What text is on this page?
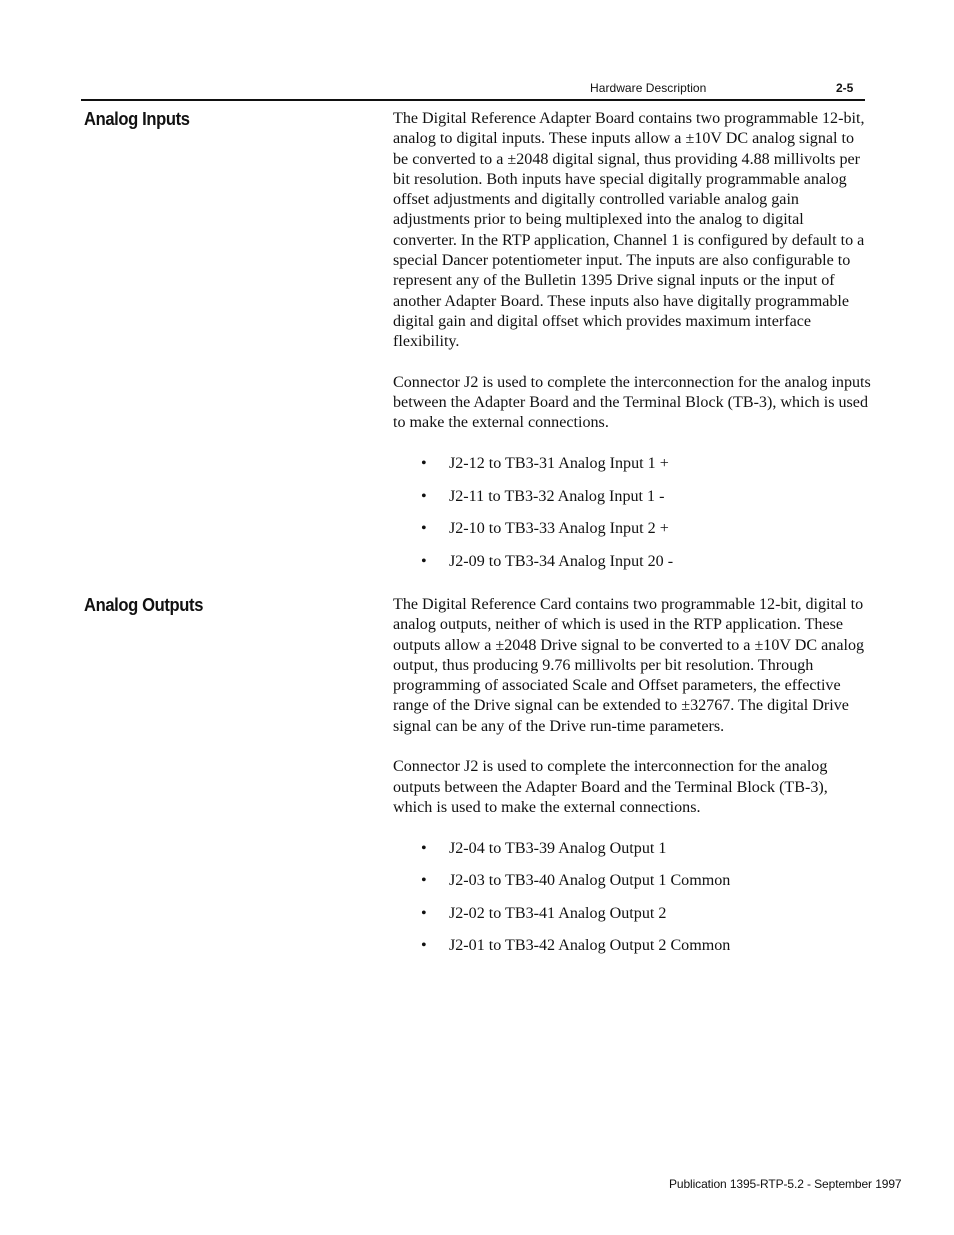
Hardware Description	2-5
Analog Inputs	The Digital Reference Adapter Board contains two programmable 12-bit, analog to digital inputs. These inputs allow a ±10V DC analog signal to be converted to a ±2048 digital signal, thus providing 4.88 millivolts per bit resolution. Both inputs have special digitally programmable analog offset adjustments and digitally controlled variable analog gain adjustments prior to being multiplexed into the analog to digital converter. In the RTP application, Channel 1 is configured by default to a special Dancer potentiometer input. The inputs are also configurable to represent any of the Bulletin 1395 Drive signal inputs or the input of another Adapter Board. These inputs also have digitally programmable digital gain and digital offset which provides maximum interface flexibility.

Connector J2 is used to complete the interconnection for the analog inputs between the Adapter Board and the Terminal Block (TB-3), which is used to make the external connections.

• J2-12 to TB3-31 Analog Input 1 +
• J2-11 to TB3-32 Analog Input 1 -
• J2-10 to TB3-33 Analog Input 2 +
• J2-09 to TB3-34 Analog Input 20 -
Analog Outputs	The Digital Reference Card contains two programmable 12-bit, digital to analog outputs, neither of which is used in the RTP application. These outputs allow a ±2048 Drive signal to be converted to a ±10V DC analog output, thus producing 9.76 millivolts per bit resolution. Through programming of associated Scale and Offset parameters, the effective range of the Drive signal can be extended to ±32767. The digital Drive signal can be any of the Drive run-time parameters.

Connector J2 is used to complete the interconnection for the analog outputs between the Adapter Board and the Terminal Block (TB-3), which is used to make the external connections.

• J2-04 to TB3-39 Analog Output 1
• J2-03 to TB3-40 Analog Output 1 Common
• J2-02 to TB3-41 Analog Output 2
• J2-01 to TB3-42 Analog Output 2 Common
Publication 1395-RTP-5.2 - September 1997
